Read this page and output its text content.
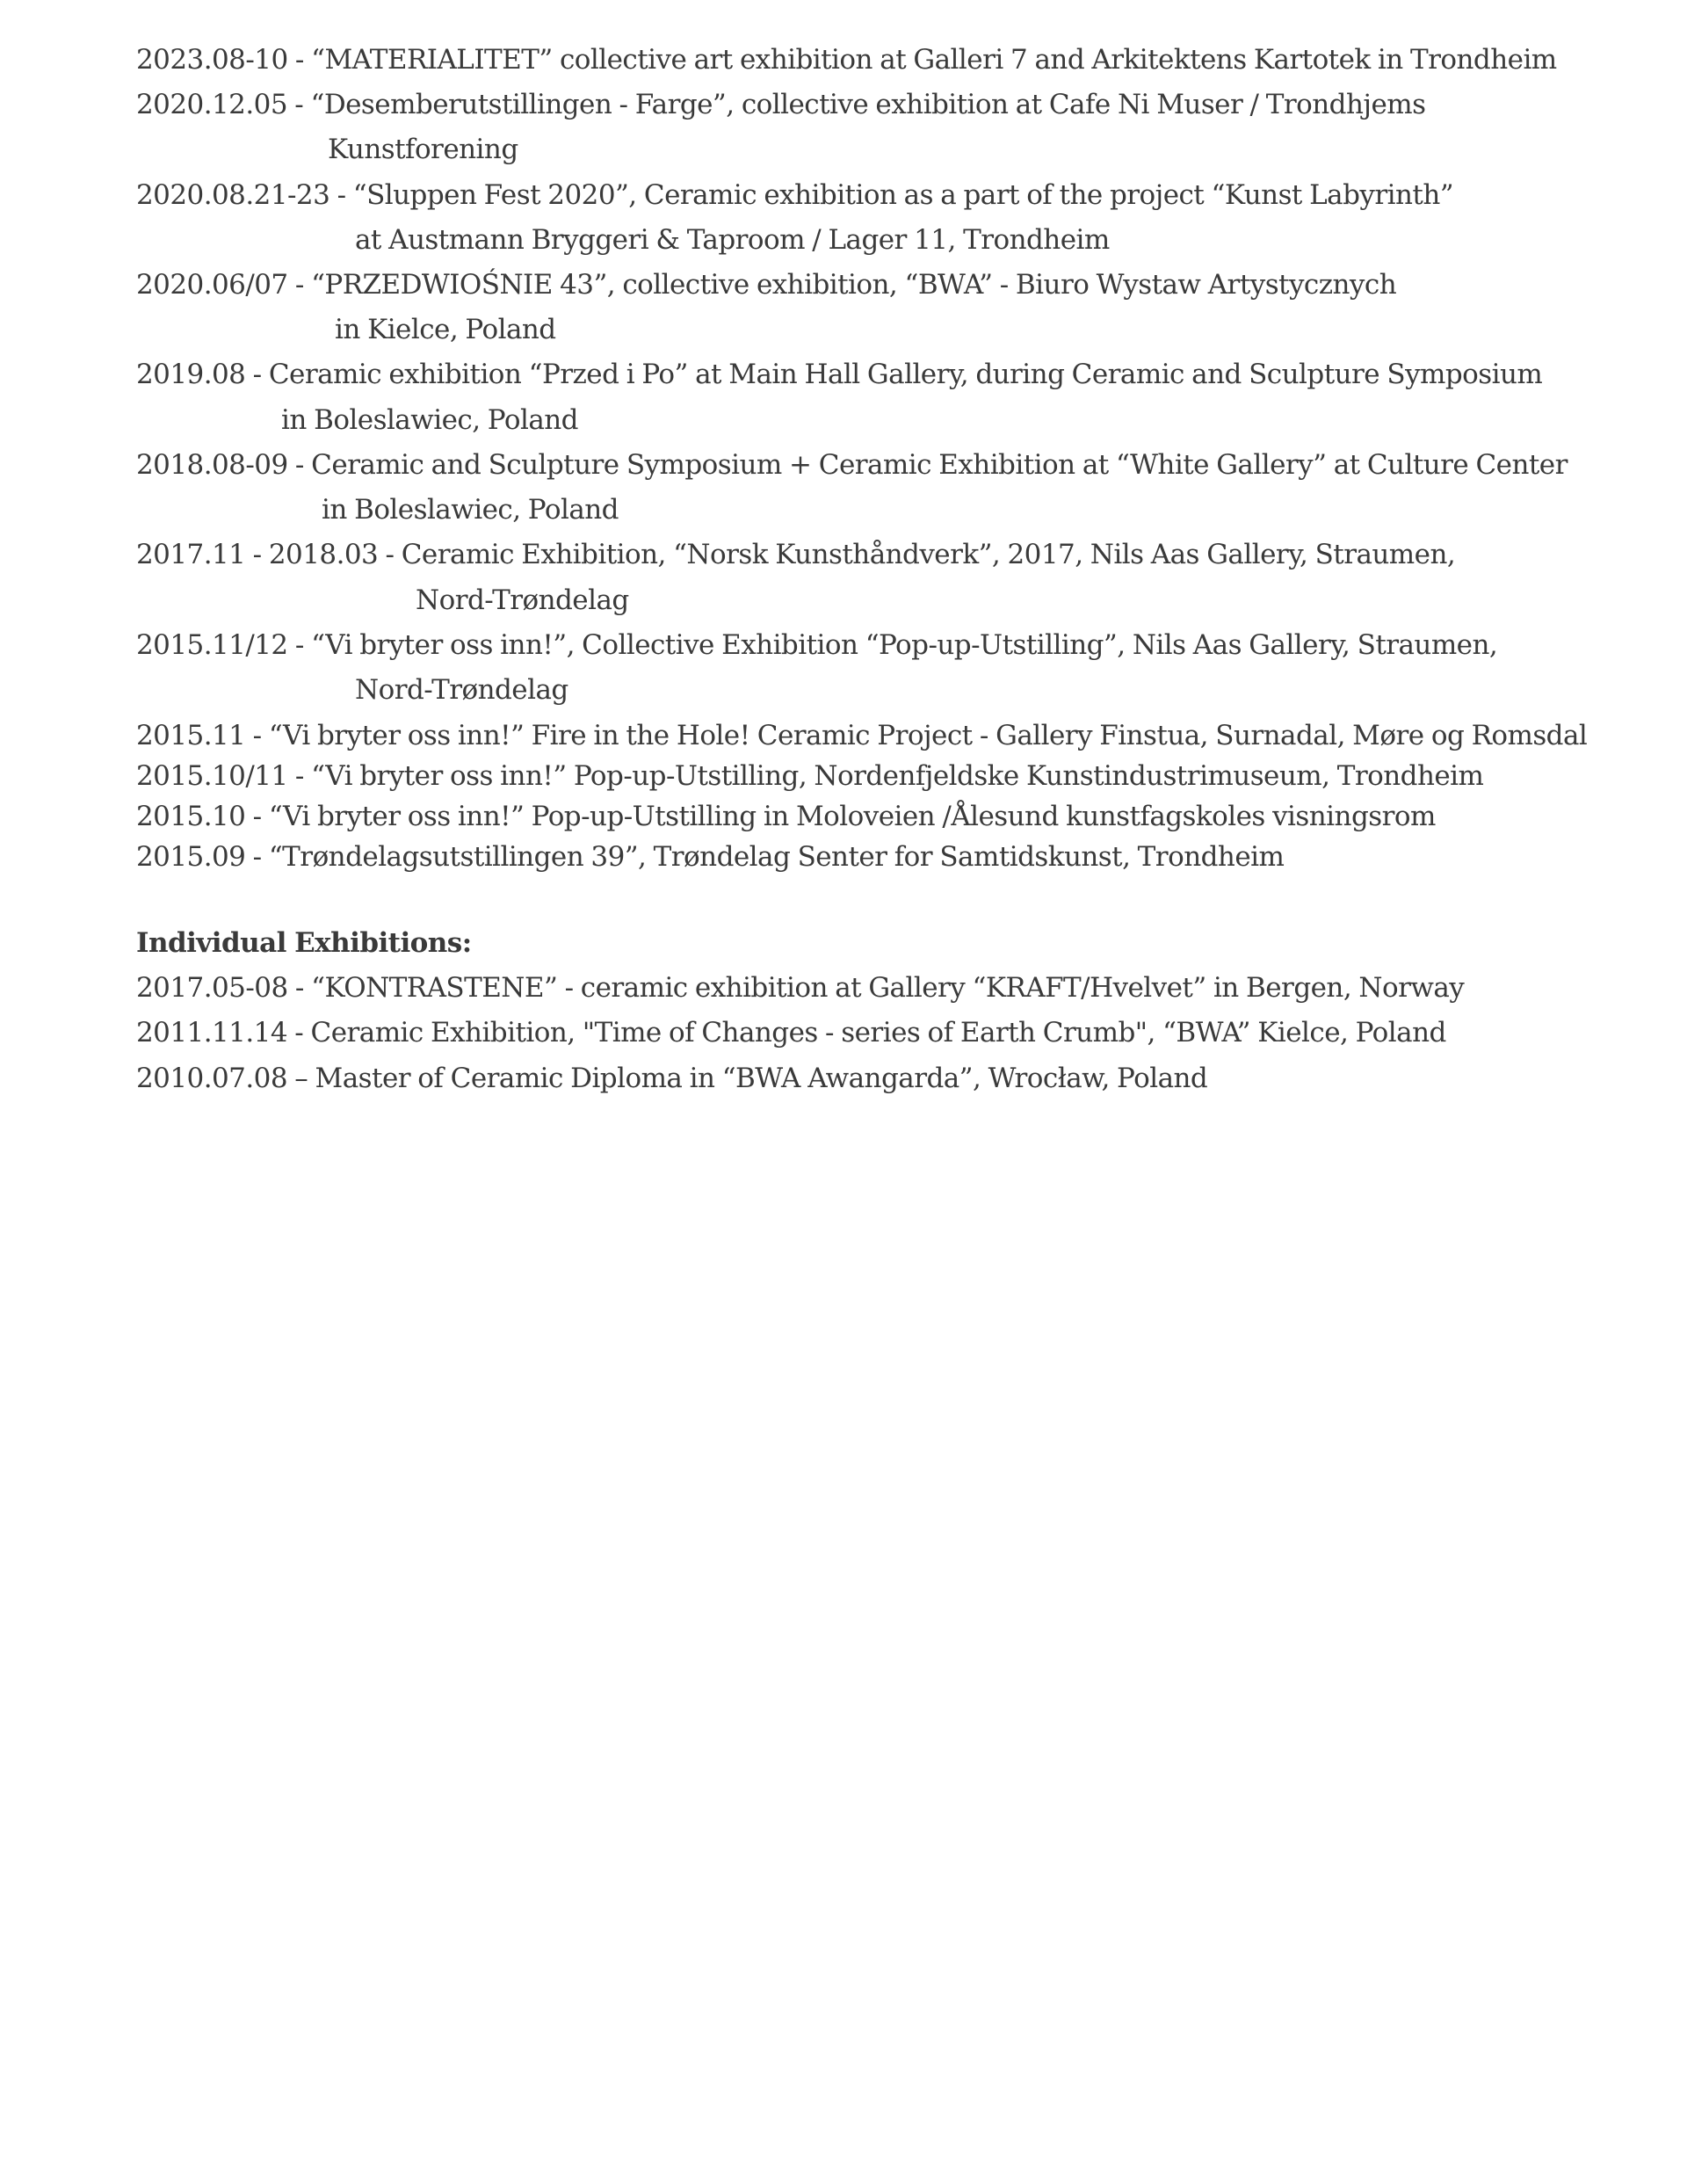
2023.08-10 - “MATERIALITET” collective art exhibition at Galleri 7 and Arkitektens Kartotek in Trondheim
2020.12.05 - “Desemberutstillingen - Farge”, collective exhibition at Cafe Ni Muser / Trondhjems
Kunstforening
2020.08.21-23 - “Sluppen Fest 2020”, Ceramic exhibition as a part of the project “Kunst Labyrinth”
at Austmann Bryggeri & Taproom / Lager 11, Trondheim
2020.06/07 - “PRZEDWIOŚNIE 43”, collective exhibition, “BWA” - Biuro Wystaw Artystycznych
in Kielce, Poland
2019.08 - Ceramic exhibition “Przed i Po” at Main Hall Gallery, during Ceramic and Sculpture Symposium
in Boleslawiec, Poland
2018.08-09 - Ceramic and Sculpture Symposium + Ceramic Exhibition at “White Gallery” at Culture Center
in Boleslawiec, Poland
2017.11 - 2018.03 - Ceramic Exhibition, “Norsk Kunsthåndverk”, 2017, Nils Aas Gallery, Straumen,
Nord-Trøndelag
2015.11/12 - “Vi bryter oss inn!”, Collective Exhibition “Pop-up-Utstilling”, Nils Aas Gallery, Straumen,
Nord-Trøndelag
2015.11 - “Vi bryter oss inn!” Fire in the Hole! Ceramic Project - Gallery Finstua, Surnadal, Møre og Romsdal
2015.10/11 - “Vi bryter oss inn!” Pop-up-Utstilling, Nordenfjeldske Kunstindustrimuseum, Trondheim
2015.10 - “Vi bryter oss inn!” Pop-up-Utstilling in Moloveien /Ålesund kunstfagskoles visningsrom
2015.09 - “Trøndelagsutstillingen 39”, Trøndelag Senter for Samtidskunst, Trondheim
Individual Exhibitions:
2017.05-08 - “KONTRASTENE” - ceramic exhibition at Gallery “KRAFT/Hvelvet” in Bergen, Norway
2011.11.14 - Ceramic Exhibition, "Time of Changes - series of Earth Crumb", “BWA” Kielce, Poland
2010.07.08 – Master of Ceramic Diploma in “BWA Awangarda”, Wrocław, Poland
